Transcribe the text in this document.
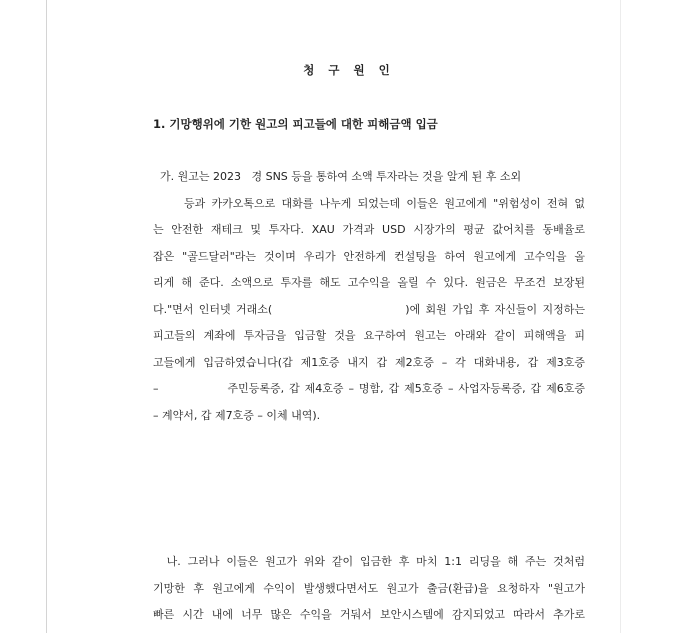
청 구 원 인
1. 기망행위에 기한 원고의 피고들에 대한 피해금액 입금
가. 원고는 2023   경 SNS 등을 통하여 소액 투자라는 것을 알게 된 후 소외
등과 카카오톡으로 대화를 나누게 되었는데 이들은 원고에게 "위험성이 전혀 없
는 안전한 재테크 및 투자다. XAU 가격과 USD 시장가의 평균 값어치를 동배율로
잡은 "골드달러"라는 것이며 우리가 안전하게 컨설팅을 하여 원고에게 고수익을 올
리게 해 준다. 소액으로 투자를 해도 고수익을 올릴 수 있다. 원금은 무조건 보장된
다."면서 인터넷 거래소(                         )에 회원 가입 후 자신들이 지정하는
피고들의 계좌에 투자금을 입금할 것을 요구하여 원고는 아래와 같이 피해액을 피
고들에게 입금하였습니다(갑 제1호증 내지 갑 제2호증 – 각 대화내용, 갑 제3호증
–              주민등록증, 갑 제4호증 – 명함, 갑 제5호증 – 사업자등록증, 갑 제6호증
– 계약서, 갑 제7호증 – 이체 내역).
나. 그러나 이들은 원고가 위와 같이 입금한 후 마치 1:1 리딩을 해 주는 것처럼
기망한 후 원고에게 수익이 발생했다면서도 원고가 출금(환급)을 요청하자 "원고가
빠른 시간 내에 너무 많은 수익을 거둬서 보안시스템에 감지되었고 따라서 추가로
